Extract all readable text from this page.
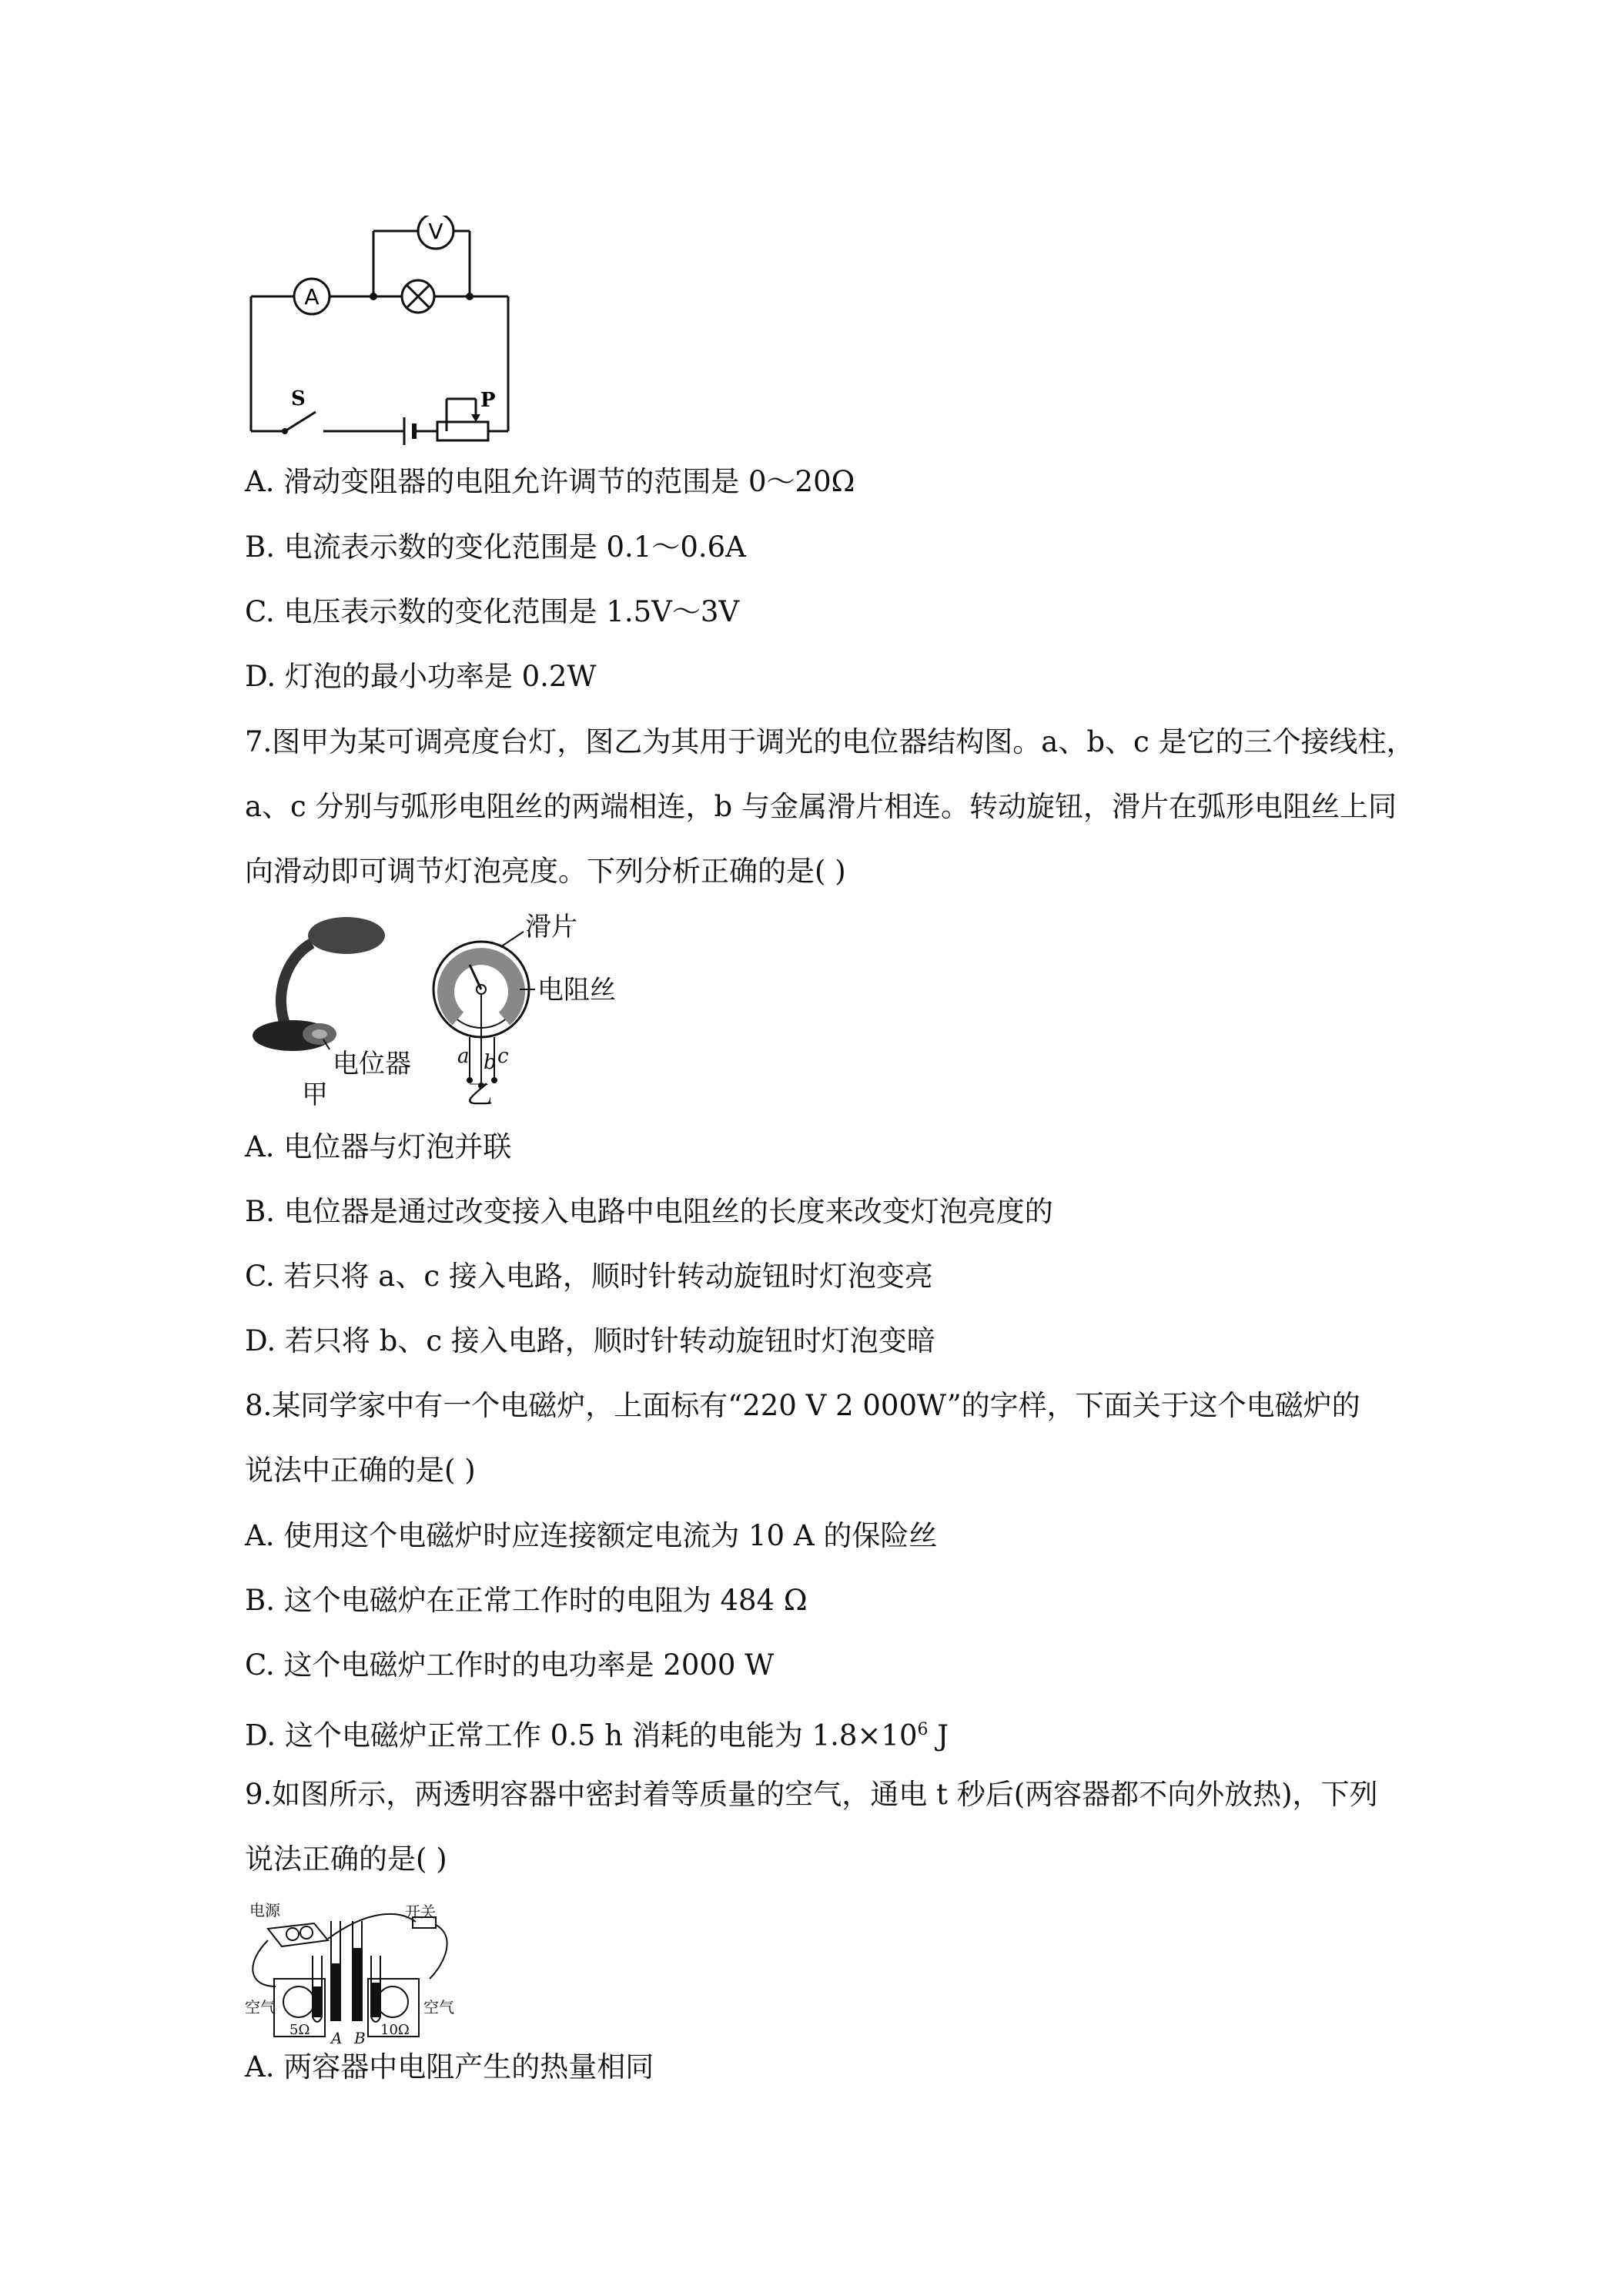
A
V
S	P
A. 滑动变阻器的电阻允许调节的范围是 0～20Ω
B. 电流表示数的变化范围是 0.1～0.6A
C. 电压表示数的变化范围是 1.5V～3V
D. 灯泡的最小功率是 0.2W
7.图甲为某可调亮度台灯，图乙为其用于调光的电位器结构图。a、b、c 是它的三个接线柱，
a、c 分别与弧形电阻丝的两端相连，b 与金属滑片相连。转动旋钮，滑片在弧形电阻丝上同
向滑动即可调节灯泡亮度。下列分析正确的是( )
电位器
甲	乙
滑片
电阻丝
a b c
A. 电位器与灯泡并联
B. 电位器是通过改变接入电路中电阻丝的长度来改变灯泡亮度的
C. 若只将 a、c 接入电路，顺时针转动旋钮时灯泡变亮
D. 若只将 b、c 接入电路，顺时针转动旋钮时灯泡变暗
8.某同学家中有一个电磁炉，上面标有“220 V 2 000W”的字样，下面关于这个电磁炉的
说法中正确的是( )
A. 使用这个电磁炉时应连接额定电流为 10 A 的保险丝
B. 这个电磁炉在正常工作时的电阻为 484 Ω
C. 这个电磁炉工作时的电功率是 2000 W
D. 这个电磁炉正常工作 0.5 h 消耗的电能为 $1.8\times 10^6$ J
9.如图所示，两透明容器中密封着等质量的空气，通电 t 秒后(两容器都不向外放热)，下列
说法正确的是( )
电源	开关
空气	空气
5Ω	10Ω
A B
A. 两容器中电阻产生的热量相同
